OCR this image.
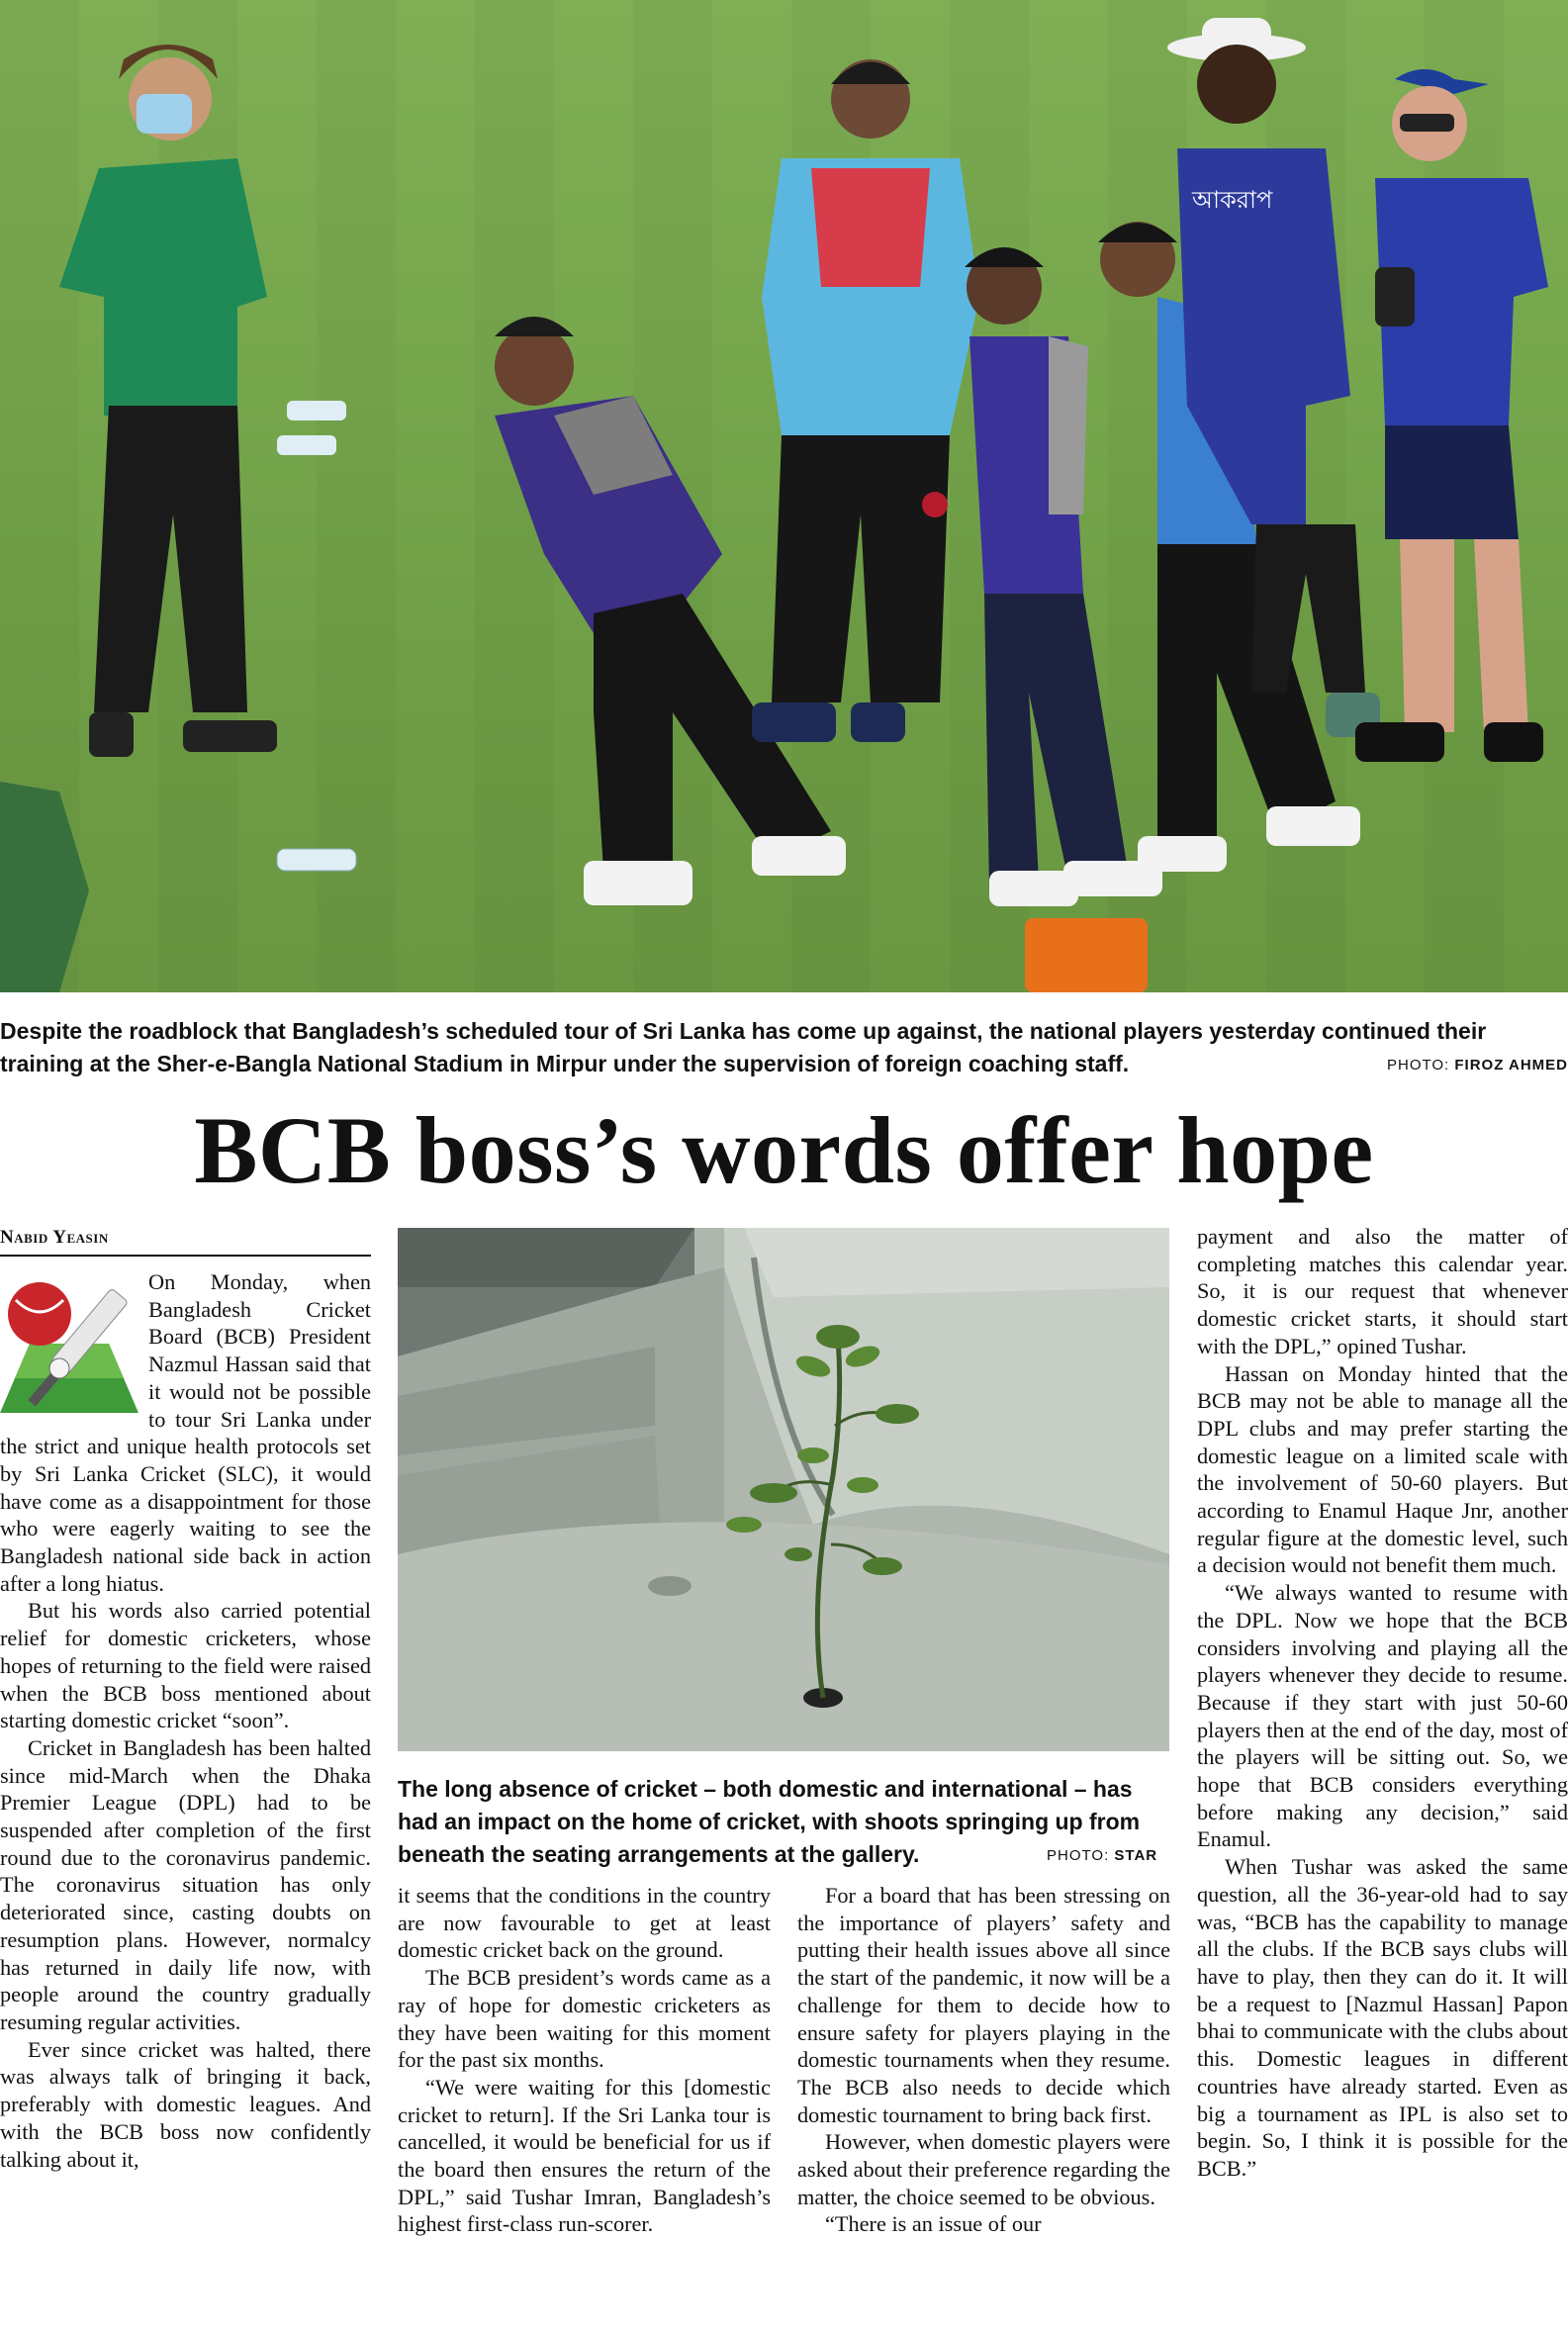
আকরাপ
Despite the roadblock that Bangladesh’s scheduled tour of Sri Lanka has come up against, the national players yesterday continued their
training at the Sher-e-Bangla National Stadium in Mirpur under the supervision of foreign coaching staff.	PHOTO: FIROZ AHMED
BCB boss’s words offer hope
Nabid Yeasin

On Monday, when Bangladesh Cricket Board (BCB) President Nazmul Hassan said that it would not be possible to tour Sri Lanka under the strict and unique health protocols set by Sri Lanka Cricket (SLC), it would have come as a disappointment for those who were eagerly waiting to see the Bangladesh national side back in action after a long hiatus.

But his words also carried potential relief for domestic cricketers, whose hopes of returning to the field were raised when the BCB boss mentioned about starting domestic cricket “soon”.

Cricket in Bangladesh has been halted since mid-March when the Dhaka Premier League (DPL) had to be suspended after completion of the first round due to the coronavirus pandemic. The coronavirus situation has only deteriorated since, casting doubts on resumption plans. However, normalcy has returned in daily life now, with people around the country gradually resuming regular activities.

Ever since cricket was halted, there was always talk of bringing it back, preferably with domestic leagues. And with the BCB boss now confidently talking about it,

The long absence of cricket – both domestic and international – has
had an impact on the home of cricket, with shoots springing up from
beneath the seating arrangements at the gallery.	PHOTO: STAR

it seems that the conditions in the country are now favourable to get at least domestic cricket back on the ground.

The BCB president’s words came as a ray of hope for domestic cricketers as they have been waiting for this moment for the past six months.

“We were waiting for this [domestic cricket to return]. If the Sri Lanka tour is cancelled, it would be beneficial for us if the board then ensures the return of the DPL,” said Tushar Imran, Bangladesh’s highest first-class run-scorer.

For a board that has been stressing on the importance of players’ safety and putting their health issues above all since the start of the pandemic, it now will be a challenge for them to decide how to ensure safety for players playing in the domestic tournaments when they resume. The BCB also needs to decide which domestic tournament to bring back first.

However, when domestic players were asked about their preference regarding the matter, the choice seemed to be obvious.

“There is an issue of our

payment and also the matter of completing matches this calendar year. So, it is our request that whenever domestic cricket starts, it should start with the DPL,” opined Tushar.

Hassan on Monday hinted that the BCB may not be able to manage all the DPL clubs and may prefer starting the domestic league on a limited scale with the involvement of 50-60 players. But according to Enamul Haque Jnr, another regular figure at the domestic level, such a decision would not benefit them much.

“We always wanted to resume with the DPL. Now we hope that the BCB considers involving and playing all the players whenever they decide to resume. Because if they start with just 50-60 players then at the end of the day, most of the players will be sitting out. So, we hope that BCB considers everything before making any decision,” said Enamul.

When Tushar was asked the same question, all the 36-year-old had to say was, “BCB has the capability to manage all the clubs. If the BCB says clubs will have to play, then they can do it. It will be a request to [Nazmul Hassan] Papon bhai to communicate with the clubs about this. Domestic leagues in different countries have already started. Even as big a tournament as IPL is also set to begin. So, I think it is possible for the BCB.”
